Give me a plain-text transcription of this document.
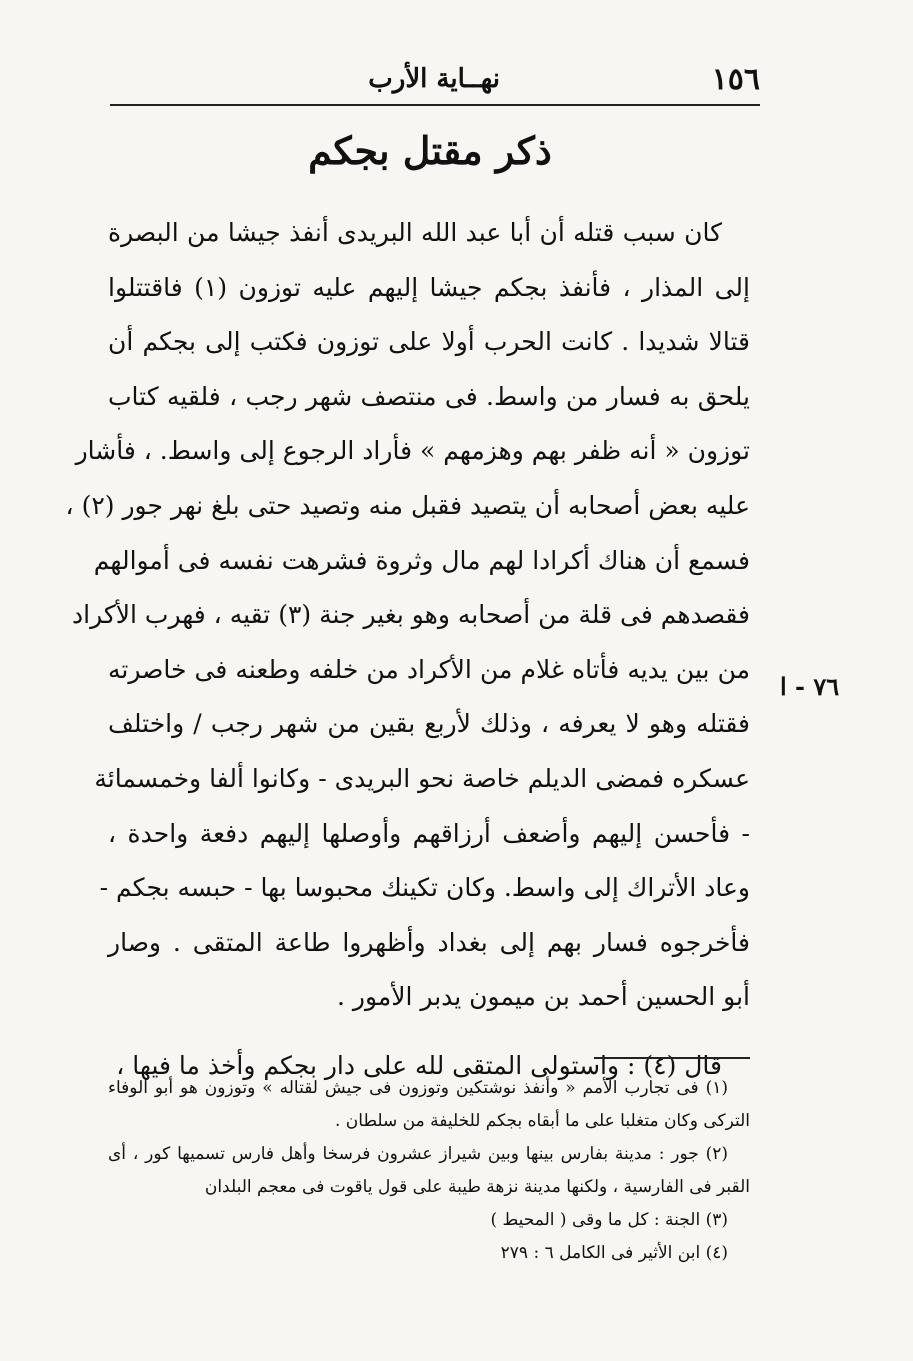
١٥٦
نهــاية الأرب
ذكر مقتل بجكم
كان سبب قتله أن أبا عبد الله البريدى أنفذ جيشا من البصرة
إلى المذار ، فأنفذ بجكم جيشا إليهم عليه توزون (١) فاقتتلوا
قتالا شديدا . كانت الحرب أولا على توزون فكتب إلى بجكم أن
يلحق به فسار من واسط. فى منتصف شهر رجب ، فلقيه كتاب
توزون « أنه ظفر بهم وهزمهم » فأراد الرجوع إلى واسط. ، فأشار
عليه بعض أصحابه أن يتصيد فقبل منه وتصيد حتى بلغ نهر جور (٢) ،
فسمع أن هناك أكرادا لهم مال وثروة فشرهت نفسه فى أموالهم
فقصدهم فى قلة من أصحابه وهو بغير جنة (٣) تقيه ، فهرب الأكراد
من بين يديه فأتاه غلام من الأكراد من خلفه وطعنه فى خاصرته
فقتله وهو لا يعرفه ، وذلك لأربع بقين من شهر رجب / واختلف
عسكره فمضى الديلم خاصة نحو البريدى - وكانوا ألفا وخمسمائة
- فأحسن إليهم وأضعف أرزاقهم وأوصلها إليهم دفعة واحدة ،
وعاد الأتراك إلى واسط. وكان تكينك محبوسا بها - حبسه بجكم -
فأخرجوه فسار بهم إلى بغداد وأظهروا طاعة المتقى . وصار
أبو الحسين أحمد بن ميمون يدبر الأمور .
قال (٤) : واستولى المتقى لله على دار بجكم وأخذ ما فيها ،
٧٦ - ا
(١) فى تجارب الأمم « وأنفذ نوشتكين وتوزون فى جيش لقتاله » وتوزون هو أبو الوفاء
التركى وكان متغلبا على ما أبقاه بجكم للخليفة من سلطان .
(٢) جور : مدينة بفارس بينها وبين شيراز عشرون فرسخا وأهل فارس تسميها كور ، أى
القبر فى الفارسية ، ولكنها مدينة نزهة طيبة على قول ياقوت فى معجم البلدان
(٣) الجنة : كل ما وقى ( المحيط )
(٤) ابن الأثير فى الكامل ٦ : ٢٧٩
